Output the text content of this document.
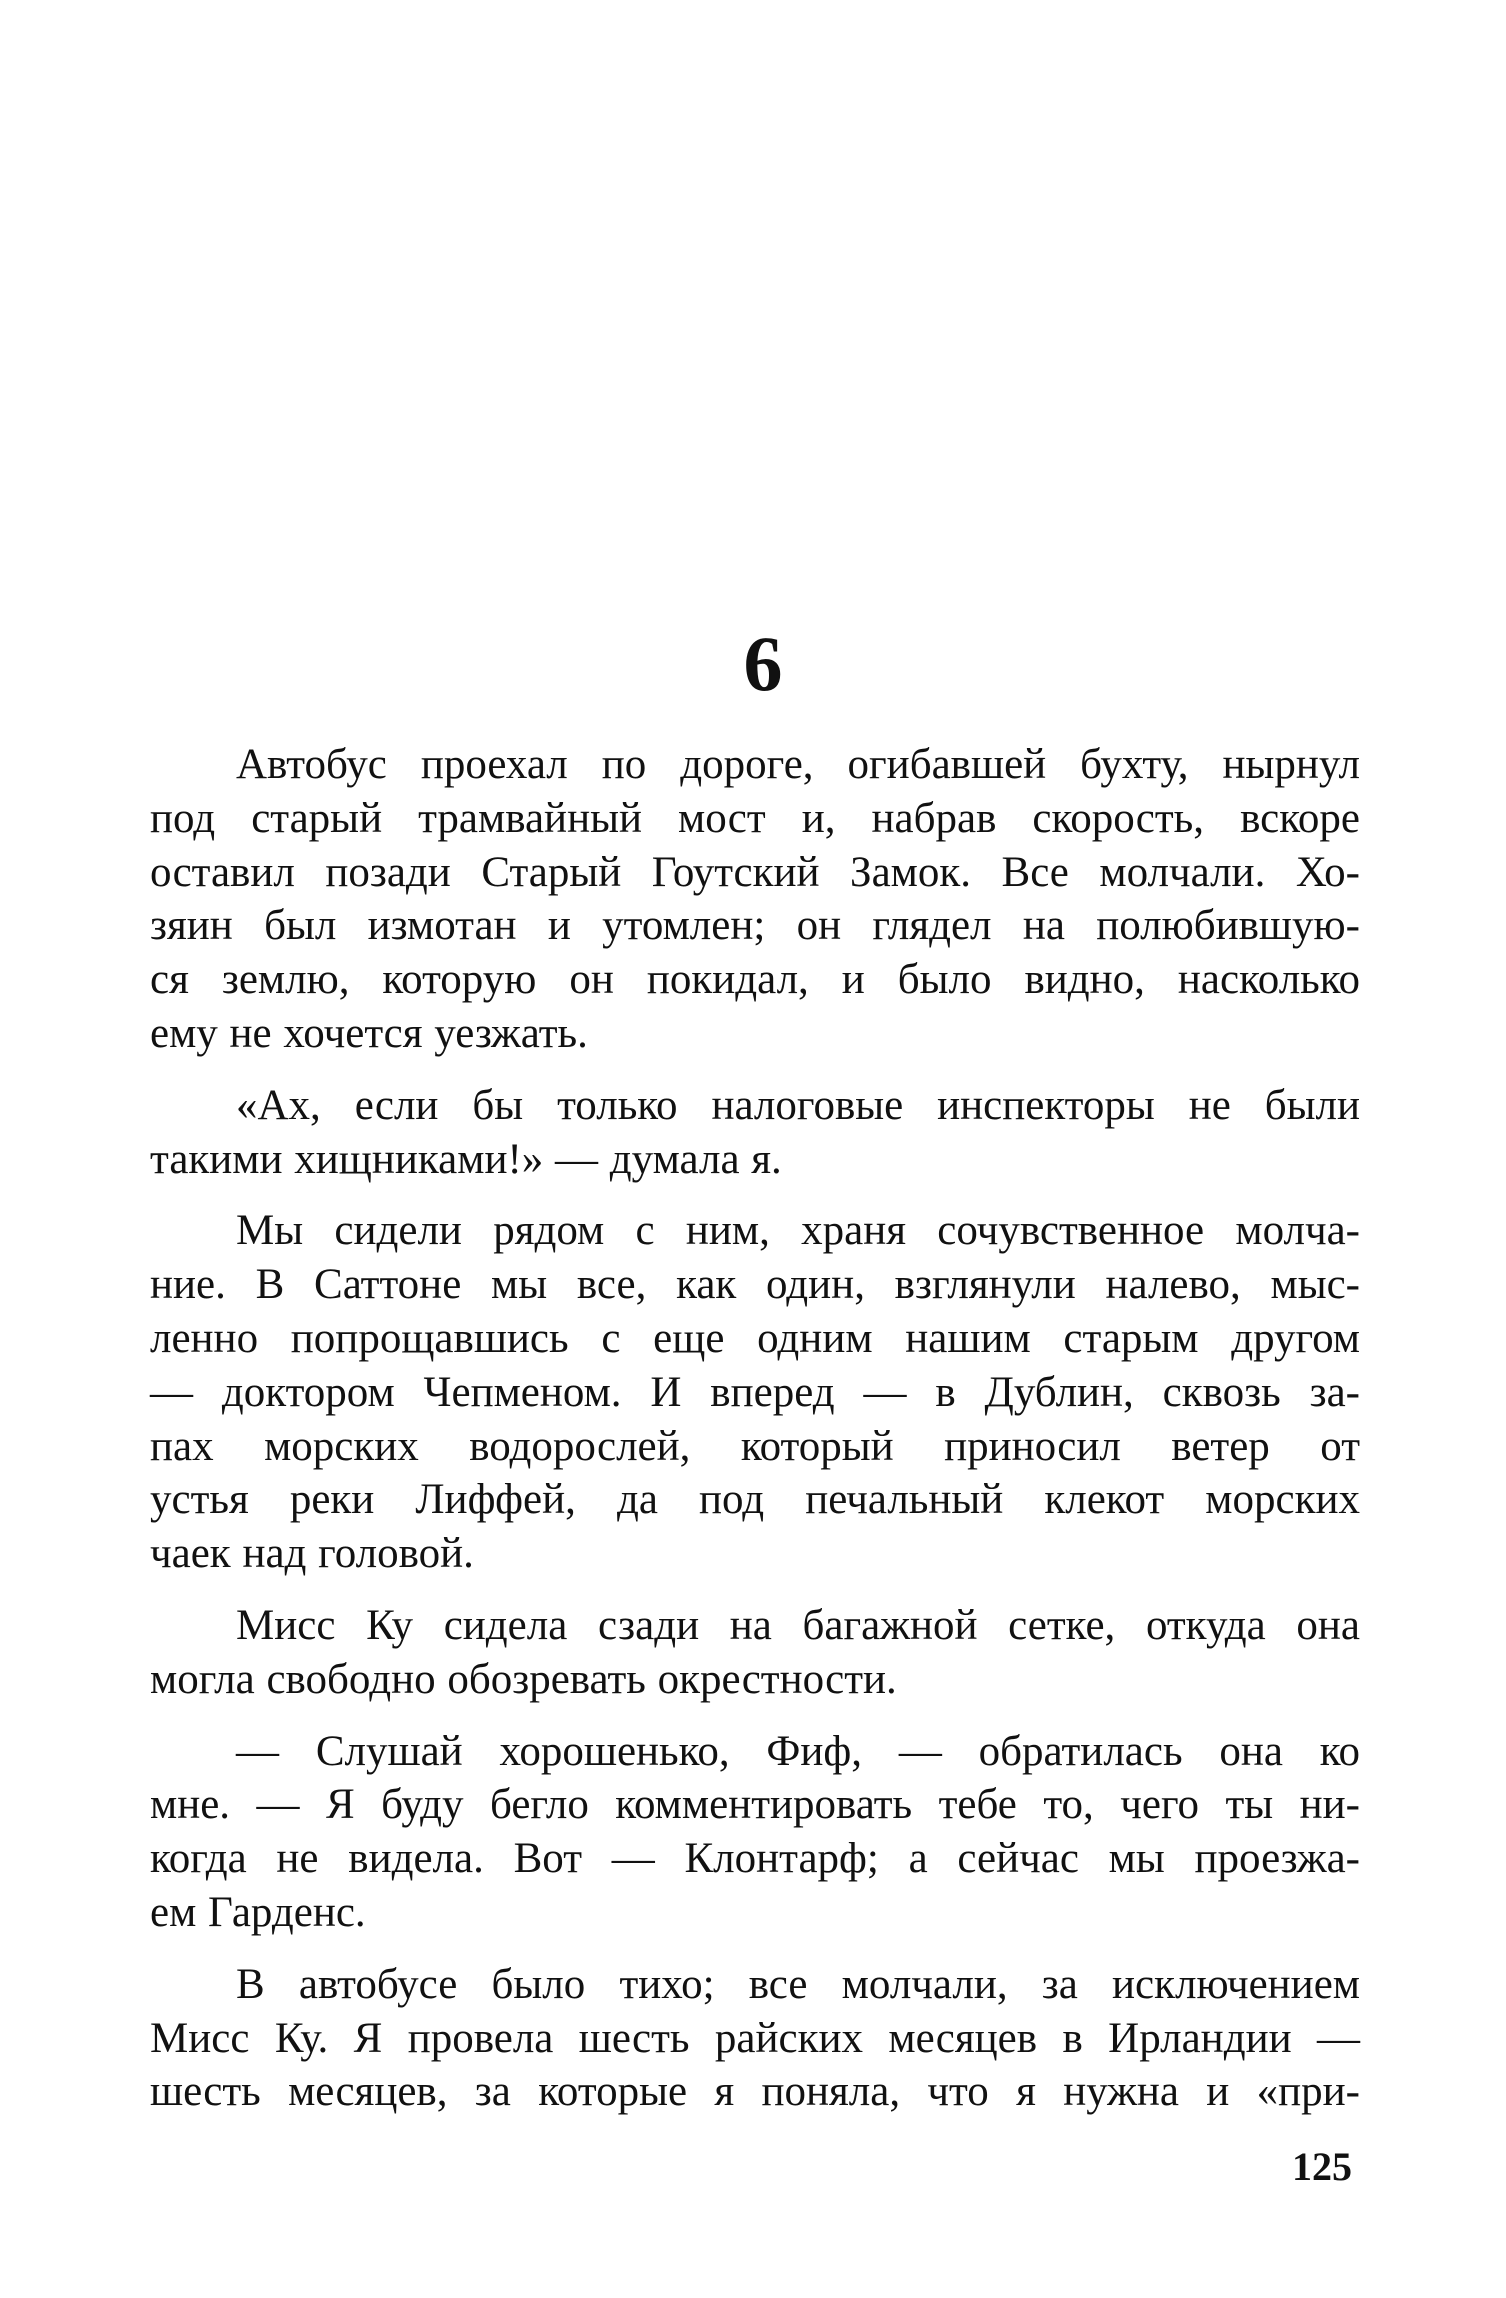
6
Автобус проехал по дороге, огибавшей бухту, нырнул
под старый трамвайный мост и, набрав скорость, вскоре
оставил позади Старый Гоутский Замок. Все молчали. Хо-
зяин был измотан и утомлен; он глядел на полюбившую-
ся землю, которую он покидал, и было видно, насколько
ему не хочется уезжать.
«Ах, если бы только налоговые инспекторы не были
такими хищниками!» — думала я.
Мы сидели рядом с ним, храня сочувственное молча-
ние. В Саттоне мы все, как один, взглянули налево, мыс-
ленно попрощавшись с еще одним нашим старым другом
— доктором Чепменом. И вперед — в Дублин, сквозь за-
пах морских водорослей, который приносил ветер от
устья реки Лиффей, да под печальный клекот морских
чаек над головой.
Мисс Ку сидела сзади на багажной сетке, откуда она
могла свободно обозревать окрестности.
— Слушай хорошенько, Фиф, — обратилась она ко
мне. — Я буду бегло комментировать тебе то, чего ты ни-
когда не видела. Вот — Клонтарф; а сейчас мы проезжа-
ем Гарденс.
В автобусе было тихо; все молчали, за исключением
Мисс Ку. Я провела шесть райских месяцев в Ирландии —
шесть месяцев, за которые я поняла, что я нужна и «при-
125
